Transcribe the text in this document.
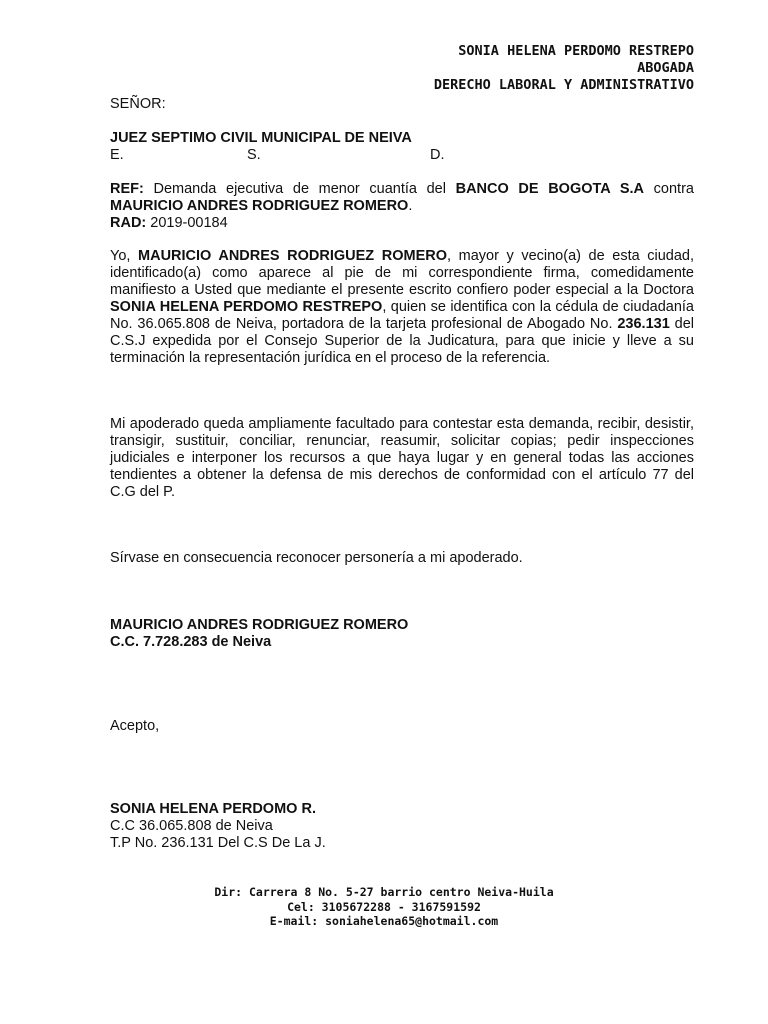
SONIA HELENA PERDOMO RESTREPO
ABOGADA
DERECHO LABORAL Y ADMINISTRATIVO
SEÑOR:
JUEZ SEPTIMO CIVIL MUNICIPAL DE NEIVA
E.	S.	D.
REF: Demanda ejecutiva de menor cuantía del BANCO DE BOGOTA S.A contra MAURICIO ANDRES RODRIGUEZ ROMERO.
RAD: 2019-00184
Yo, MAURICIO ANDRES RODRIGUEZ ROMERO, mayor y vecino(a) de esta ciudad, identificado(a) como aparece al pie de mi correspondiente firma, comedidamente manifiesto a Usted que mediante el presente escrito confiero poder especial a la Doctora SONIA HELENA PERDOMO RESTREPO, quien se identifica con la cédula de ciudadanía No. 36.065.808 de Neiva, portadora de la tarjeta profesional de Abogado No. 236.131 del C.S.J expedida por el Consejo Superior de la Judicatura, para que inicie y lleve a su terminación la representación jurídica en el proceso de la referencia.
Mi apoderado queda ampliamente facultado para contestar esta demanda, recibir, desistir, transigir, sustituir, conciliar, renunciar, reasumir, solicitar copias; pedir inspecciones judiciales e interponer los recursos a que haya lugar y en general todas las acciones tendientes a obtener la defensa de mis derechos de conformidad con el artículo 77 del C.G del P.
Sírvase en consecuencia reconocer personería a mi apoderado.
MAURICIO ANDRES RODRIGUEZ ROMERO
C.C. 7.728.283 de Neiva
Acepto,
SONIA HELENA PERDOMO R.
C.C 36.065.808 de Neiva
T.P No. 236.131 Del C.S De La J.
Dir: Carrera 8 No. 5-27 barrio centro Neiva-Huila
Cel: 3105672288 - 3167591592
E-mail: soniahelena65@hotmail.com
